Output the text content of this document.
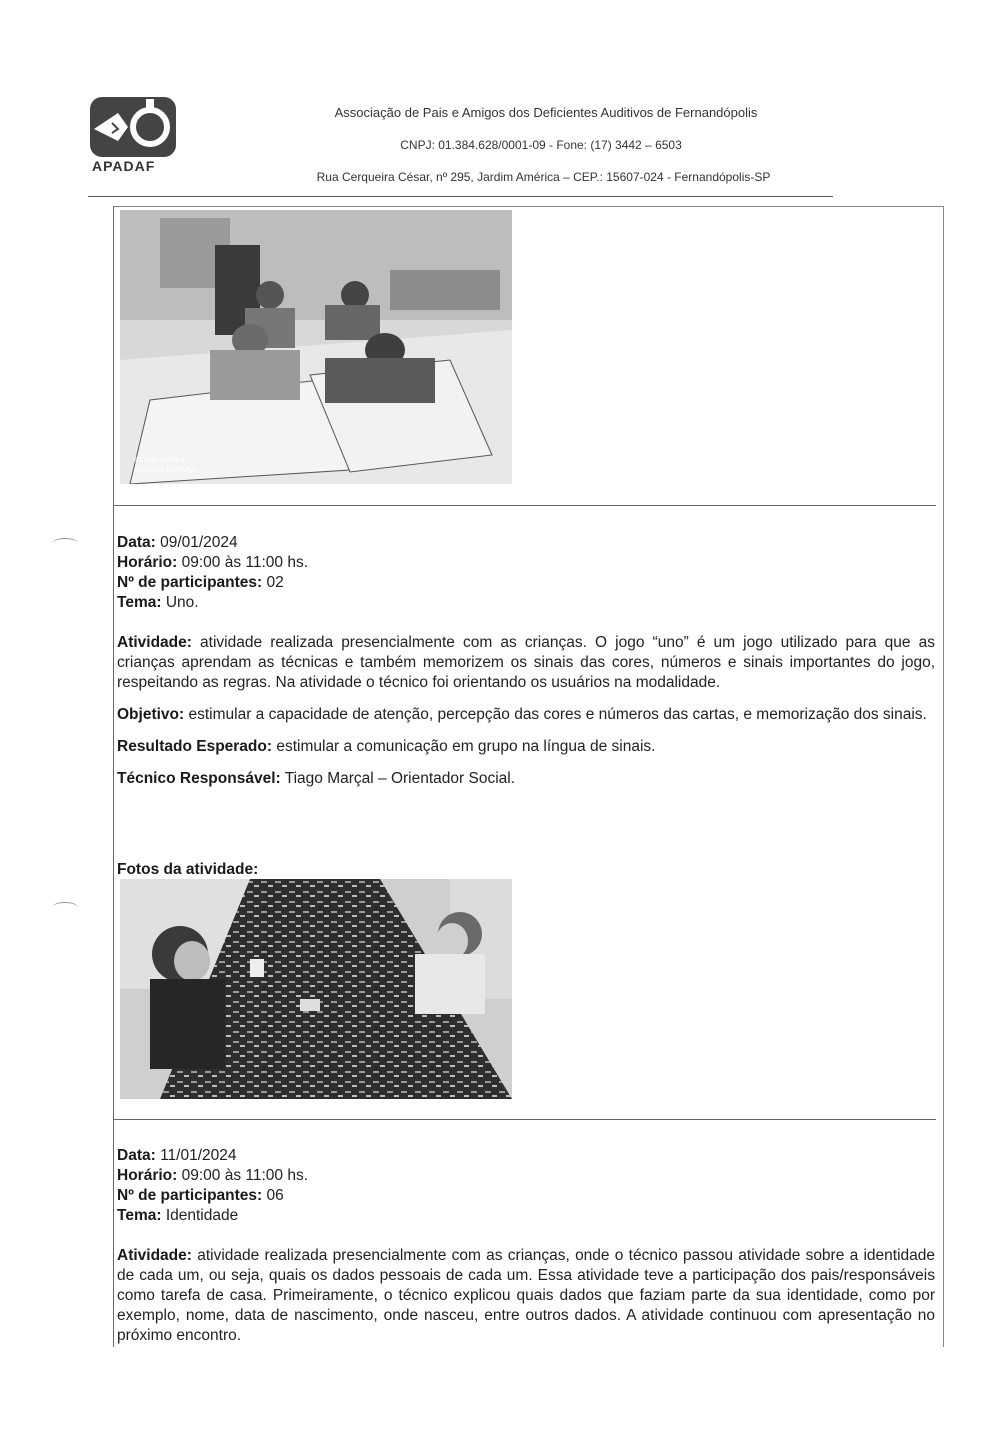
APADAF
Associação de Pais e Amigos dos Deficientes Auditivos de Fernandópolis
CNPJ: 01.384.628/0001-09 - Fone: (17) 3442 – 6503
Rua Cerqueira César, nº 295, Jardim América – CEP.: 15607-024 - Fernandópolis-SP
REDMI NOTE 8
AI QUAD CAMERA

Data: 09/01/2024

Horário: 09:00 às 11:00 hs.

Nº de participantes: 02

Tema: Uno.

Atividade: atividade realizada presencialmente com as crianças. O jogo “uno” é um jogo utilizado para que as crianças aprendam as técnicas e também memorizem os sinais das cores, números e sinais importantes do jogo, respeitando as regras. Na atividade o técnico foi orientando os usuários na modalidade.

Objetivo: estimular a capacidade de atenção, percepção das cores e números das cartas, e memorização dos sinais.

Resultado Esperado: estimular a comunicação em grupo na língua de sinais.

Técnico Responsável: Tiago Marçal – Orientador Social.

Fotos da atividade:

Data: 11/01/2024

Horário: 09:00 às 11:00 hs.

Nº de participantes: 06

Tema: Identidade

Atividade: atividade realizada presencialmente com as crianças, onde o técnico passou atividade sobre a identidade de cada um, ou seja, quais os dados pessoais de cada um. Essa atividade teve a participação dos pais/responsáveis como tarefa de casa. Primeiramente, o técnico explicou quais dados que faziam parte da sua identidade, como por exemplo, nome, data de nascimento, onde nasceu, entre outros dados. A atividade continuou com apresentação no próximo encontro.
